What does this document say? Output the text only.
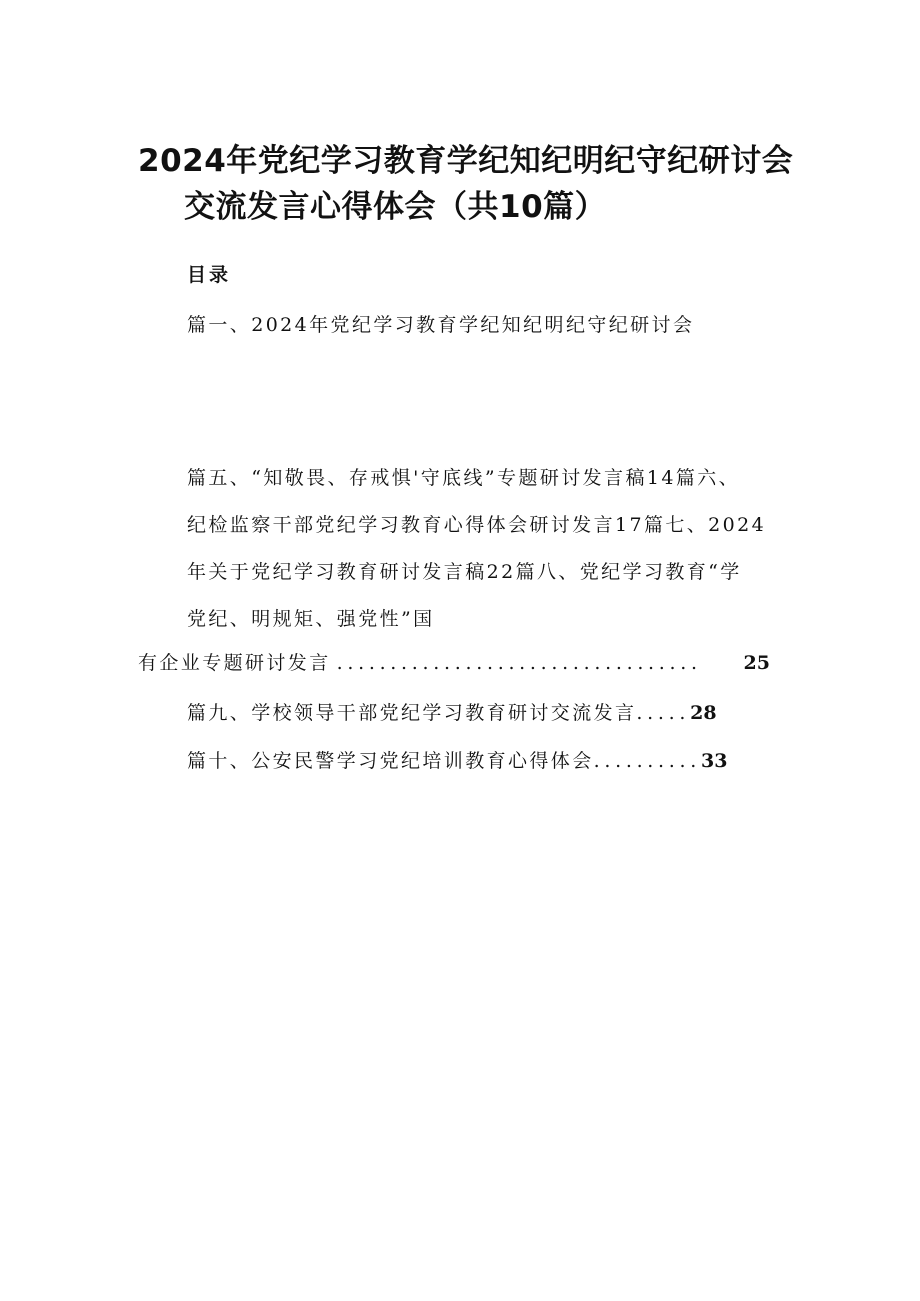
2024年党纪学习教育学纪知纪明纪守纪研讨会
交流发言心得体会（共10篇）
目录
篇一、2024年党纪学习教育学纪知纪明纪守纪研讨会
篇五、“知敬畏、存戒惧'守底线”专题研讨发言稿14篇六、
纪检监察干部党纪学习教育心得体会研讨发言17篇七、2024
年关于党纪学习教育研讨发言稿22篇八、党纪学习教育“学
党纪、明规矩、强党性”国
有企业专题研讨发言 ..................................	25
篇九、学校领导干部党纪学习教育研讨交流发言.....28
篇十、公安民警学习党纪培训教育心得体会..........33
